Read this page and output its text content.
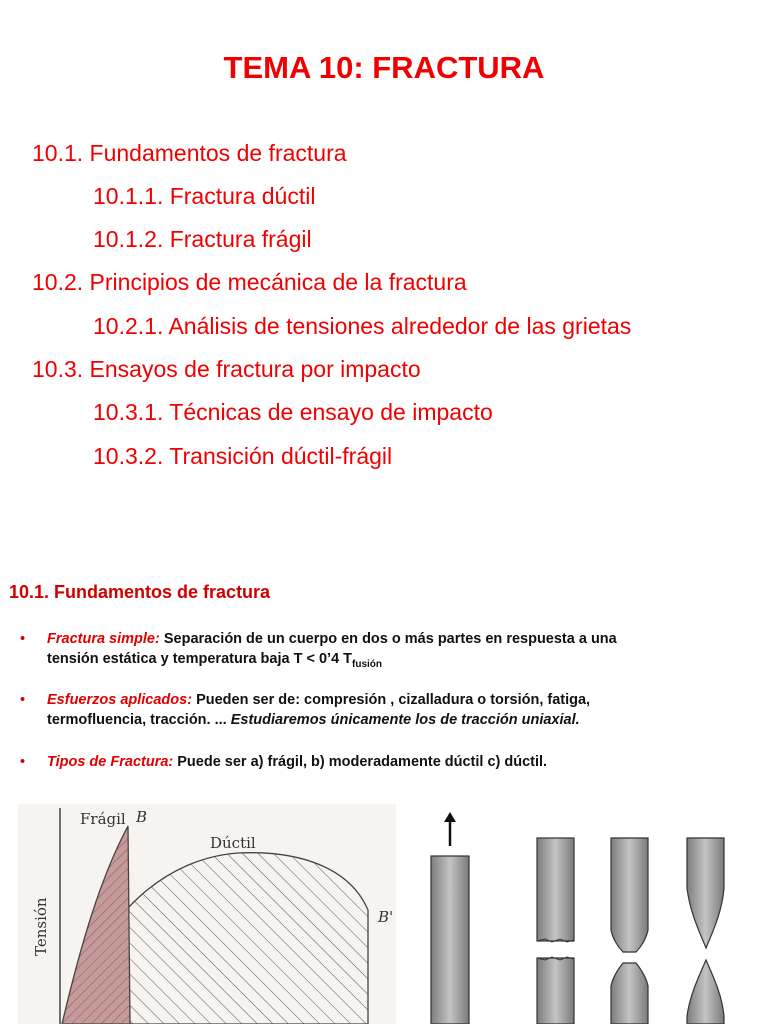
TEMA 10: FRACTURA
10.1. Fundamentos de fractura
10.1.1. Fractura dúctil
10.1.2. Fractura frágil
10.2. Principios de mecánica de la fractura
10.2.1. Análisis de tensiones alrededor de las grietas
10.3. Ensayos de fractura por impacto
10.3.1. Técnicas de ensayo de impacto
10.3.2. Transición dúctil-frágil
10.1. Fundamentos de fractura
• Fractura simple: Separación de un cuerpo en dos o más partes en respuesta a una
tensión estática y temperatura baja T < 0’4 $T_{fusión}$
• Esfuerzos aplicados: Pueden ser de: compresión , cizalladura o torsión, fatiga,
termofluencia, tracción. ... Estudiaremos únicamente los de tracción uniaxial.
• Tipos de Fractura: Puede ser a) frágil, b) moderadamente dúctil c) dúctil.
Tensión
Frágil B
Dúctil
B'
